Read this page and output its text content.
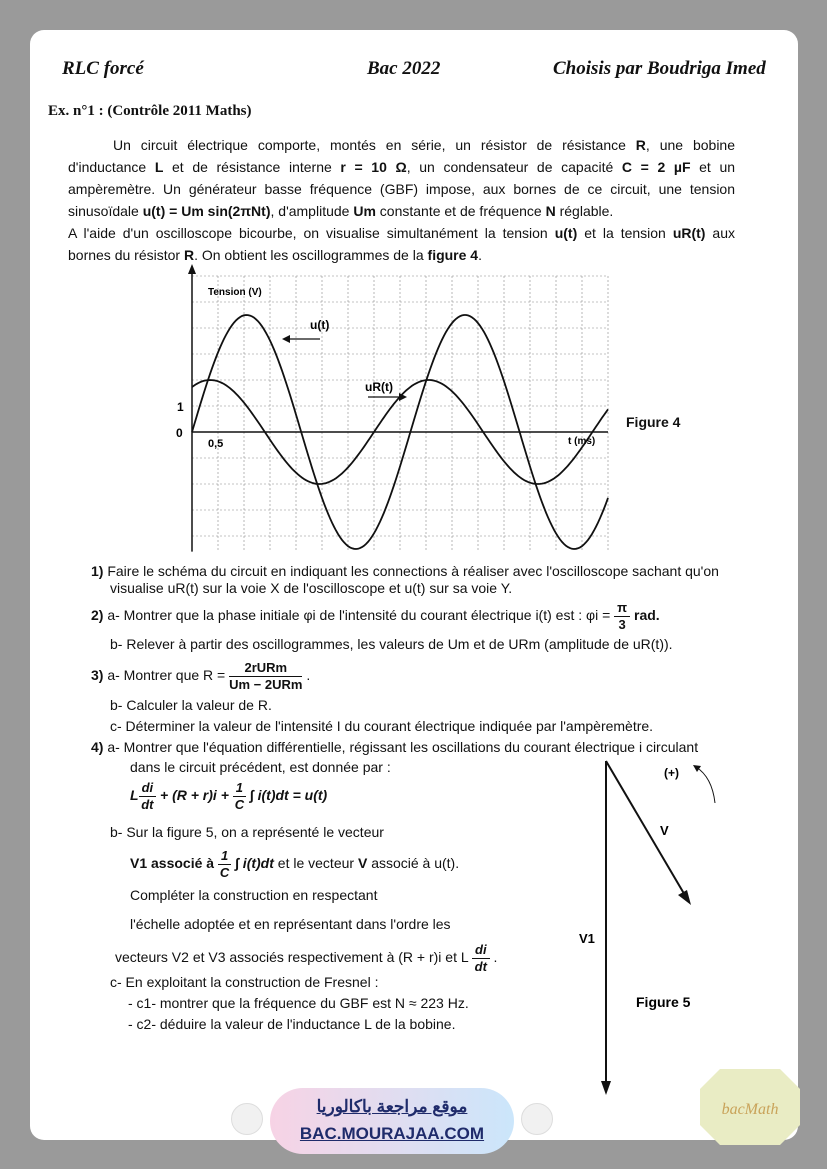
RLC forcé	Bac 2022	Choisis par Boudriga Imed
Ex. n°1 : (Contrôle 2011 Maths)
Un circuit électrique comporte, montés en série, un résistor de résistance R, une bobine d'inductance L et de résistance interne r = 10 Ω, un condensateur de capacité C = 2 µF et un ampèremètre. Un générateur basse fréquence (GBF) impose, aux bornes de ce circuit, une tension sinusoïdale u(t) = Um sin(2πNt), d'amplitude Um constante et de fréquence N réglable.
A l'aide d'un oscilloscope bicourbe, on visualise simultanément la tension u(t) et la tension uR(t) aux bornes du résistor R. On obtient les oscillogrammes de la figure 4.
Tension (V)
t (ms)
1
0
0,5
u(t)
uR(t)
Figure 4
1) Faire le schéma du circuit en indiquant les connections à réaliser avec l'oscilloscope sachant qu'on
visualise uR(t) sur la voie X de l'oscilloscope et u(t) sur sa voie Y.
2) a- Montrer que la phase initiale φi de l'intensité du courant électrique i(t) est : $\varphi i = \frac{\pi}{3}$ rad.
b- Relever à partir des oscillogrammes, les valeurs de Um et de URm (amplitude de uR(t)).
3) a- Montrer que $R = \frac{\text{2rURm}}{\text{Um − 2URm}}$ .
b- Calculer la valeur de R.
c- Déterminer la valeur de l'intensité I du courant électrique indiquée par l'ampèremètre.
4) a- Montrer que l'équation différentielle, régissant les oscillations du courant électrique i circulant
dans le circuit précédent, est donnée par :
L $\frac{di}{dt} + (R + r)i + \frac{1}{C}$ ∫ i(t)dt = u(t)
b- Sur la figure 5, on a représenté le vecteur
V1 associé à $\frac{1}{C}$ ∫ i(t)dt et le vecteur V associé à u(t).
Compléter la construction en respectant
l'échelle adoptée et en représentant dans l'ordre les
vecteurs V2 et V3 associés respectivement à (R + r)i et L $\frac{di}{dt}$ .
c- En exploitant la construction de Fresnel :
- c1- montrer que la fréquence du GBF est N ≈ 223 Hz.
- c2- déduire la valeur de l'inductance L de la bobine.
(+)
V
V1
Figure 5
موقع مراجعة باكالوريا
BAC.MOURAJAA.COM
bacMath
